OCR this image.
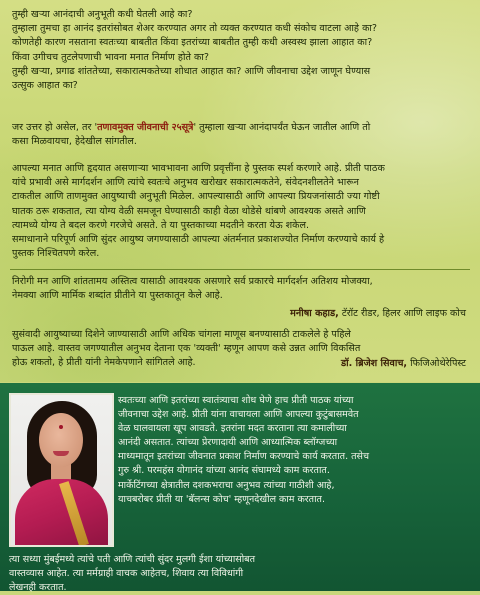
तुम्ही खऱ्या आनंदाची अनुभूती कधी घेतली आहे का?
तुम्हाला तुमचा हा आनंद इतरांसोबत शेअर करण्यात अगर तो व्यक्त करण्यात कधी संकोच वाटला आहे का?
कोणतेही कारण नसताना स्वतःच्या बाबतीत किंवा इतरांच्या बाबतीत तुम्ही कधी अस्वस्थ झाला आहात का?
किंवा उगीचच तुटलेपणाची भावना मनात निर्माण होते का?
तुम्ही खऱ्या, प्रगाढ शांततेच्या, सकारात्मकतेच्या शोधात आहात का? आणि जीवनाचा उद्देश जाणून घेण्यास
उत्सुक आहात का?

जर उत्तर हो असेल, तर 'तणावमुक्त जीवनाची २५सूत्रे' तुम्हाला खऱ्या आनंदापर्यंत घेऊन जातील आणि तो
कसा मिळवायचा, हेदेखील सांगतील.

आपल्या मनात आणि हृदयात असणाऱ्या भावभावना आणि प्रवृत्तींना हे पुस्तक स्पर्श करणारे आहे. प्रीती पाठक
यांचे प्रभावी असे मार्गदर्शन आणि त्यांचे स्वतःचे अनुभव खरोखर सकारात्मकतेने, संवेदनशीलतेने भारून
टाकतील आणि ताणमुक्त आयुष्याची अनुभूती मिळेल. आपल्यासाठी आणि आपल्या प्रियजनांसाठी ज्या गोष्टी
घातक ठरू शकतात, त्या योग्य वेळी समजून घेण्यासाठी काही वेळा थोडेसे थांबणे आवश्यक असते आणि
त्यामध्ये योग्य ते बदल करणे गरजेचे असते. ते या पुस्तकाच्या मदतीने करता येऊ शकेल.
समाधानाने परिपूर्ण आणि सुंदर आयुष्य जगण्यासाठी आपल्या अंतर्मनात प्रकाशज्योत निर्माण करण्याचे कार्य हे
पुस्तक निश्चितपणे करेल.

निरोगी मन आणि शांततामय अस्तित्व यासाठी आवश्यक असणारे सर्व प्रकारचे मार्गदर्शन अतिशय मोजक्या,
नेमक्या आणि मार्मिक शब्दांत प्रीतीने या पुस्तकातून केले आहे.

मनीषा कहाड, टॅरॉट रीडर, हिलर आणि लाइफ कोच

सुसंवादी आयुष्याच्या दिशेने जाण्यासाठी आणि अधिक चांगला माणूस बनण्यासाठी टाकलेले हे पहिले
पाऊल आहे. वास्तव जगण्यातील अनुभव देताना एक 'व्यक्ती' म्हणून आपण कसे उन्नत आणि विकसित
होऊ शकतो, हे प्रीती यांनी नेमकेपणाने सांगितले आहे.	डॉ. ब्रिजेश सिवाच, फिजिओथेरेपिस्ट

स्वतःच्या आणि इतरांच्या स्वातंत्र्याचा शोध घेणे हाच प्रीती पाठक यांच्या
जीवनाचा उद्देश आहे. प्रीती यांना वाचायला आणि आपल्या कुटुंबासमवेत
वेळ घालवायला खूप आवडते. इतरांना मदत करताना त्या कमालीच्या
आनंदी असतात. त्यांच्या प्रेरणादायी आणि आध्यात्मिक ब्लॉग्जच्या
माध्यमातून इतरांच्या जीवनात प्रकाश निर्माण करण्याचे कार्य करतात. तसेच
गुरु श्री. परमहंस योगानंद यांच्या आनंद संघामध्ये काम करतात.
मार्केटिंगच्या क्षेत्रातील दशकभराचा अनुभव त्यांच्या गाठीशी आहे,
याचबरोबर प्रीती या 'बॅलन्स कोच' म्हणूनदेखील काम करतात.

त्या सध्या मुंबईमध्ये त्यांचे पती आणि त्यांची सुंदर मुलगी ईशा यांच्यासोबत
वास्तव्यास आहेत. त्या मर्मग्राही वाचक आहेतच, शिवाय त्या विविधांगी
लेखनही करतात.
